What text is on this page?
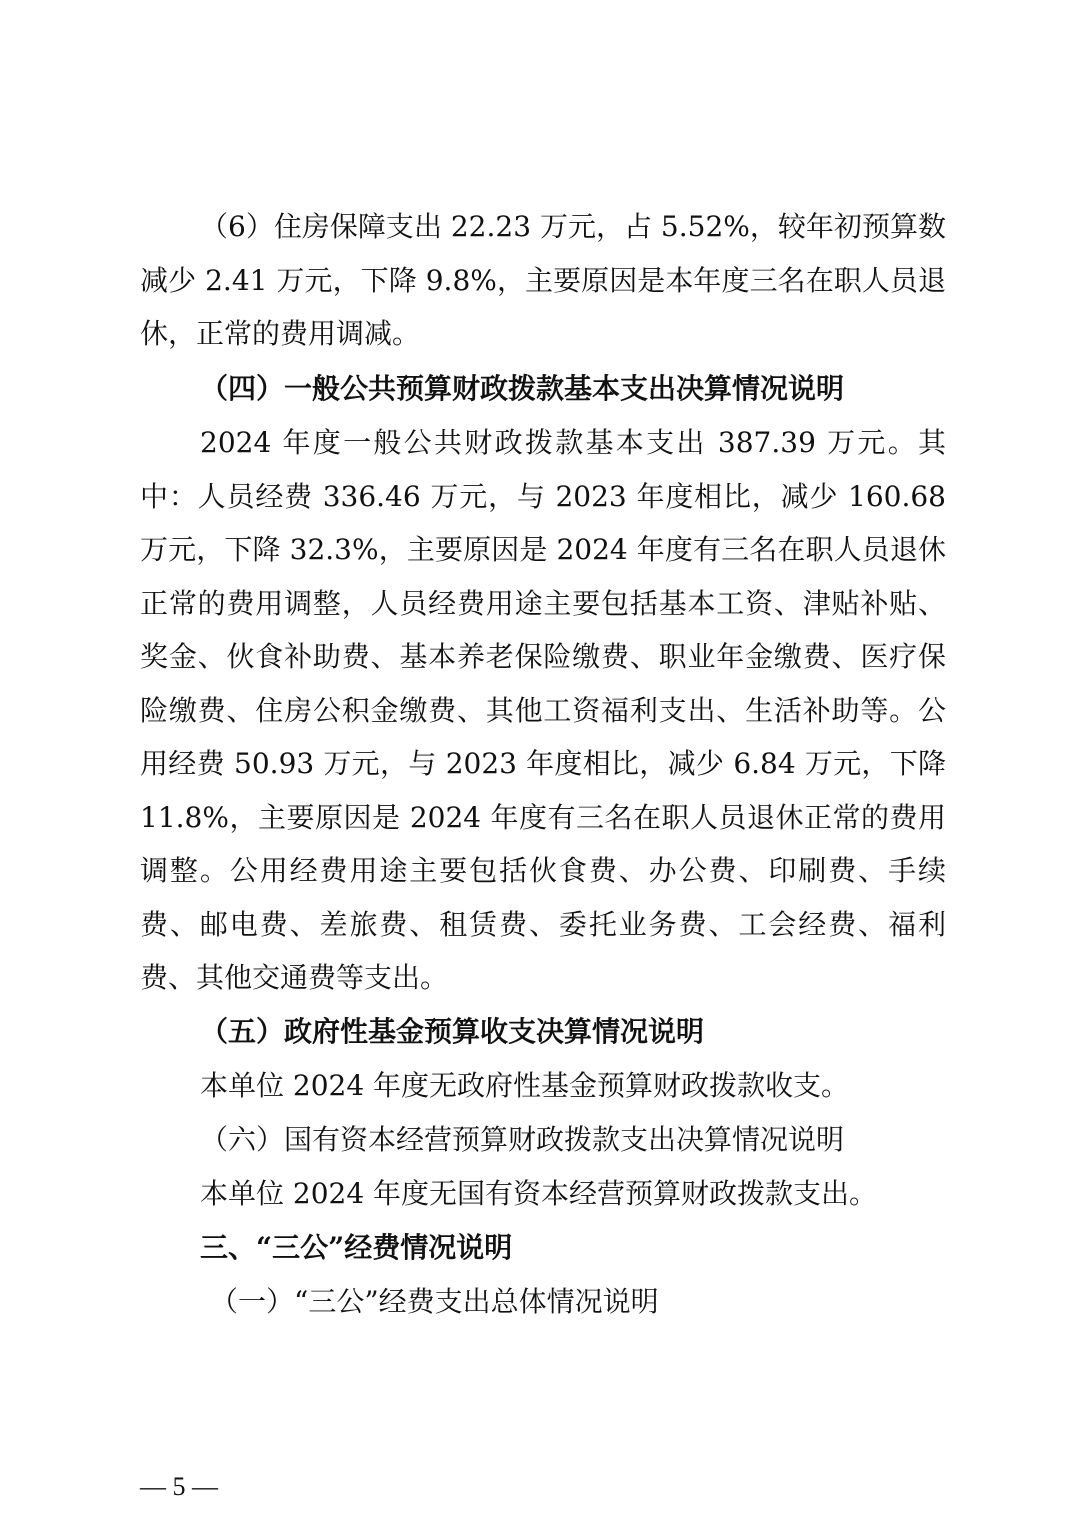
（6）住房保障支出 22.23 万元，占 5.52%，较年初预算数减少 2.41 万元，下降 9.8%，主要原因是本年度三名在职人员退休，正常的费用调减。

（四）一般公共预算财政拨款基本支出决算情况说明

2024 年度一般公共财政拨款基本支出 387.39 万元。其中：人员经费 336.46 万元，与 2023 年度相比，减少 160.68 万元，下降 32.3%，主要原因是 2024 年度有三名在职人员退休正常的费用调整，人员经费用途主要包括基本工资、津贴补贴、奖金、伙食补助费、基本养老保险缴费、职业年金缴费、医疗保险缴费、住房公积金缴费、其他工资福利支出、生活补助等。公用经费 50.93 万元，与 2023 年度相比，减少 6.84 万元，下降 11.8%，主要原因是 2024 年度有三名在职人员退休正常的费用调整。公用经费用途主要包括伙食费、办公费、印刷费、手续费、邮电费、差旅费、租赁费、委托业务费、工会经费、福利费、其他交通费等支出。

（五）政府性基金预算收支决算情况说明

本单位 2024 年度无政府性基金预算财政拨款收支。

（六）国有资本经营预算财政拨款支出决算情况说明

本单位 2024 年度无国有资本经营预算财政拨款支出。

三、“三公”经费情况说明

（一）“三公”经费支出总体情况说明

— 5 —
